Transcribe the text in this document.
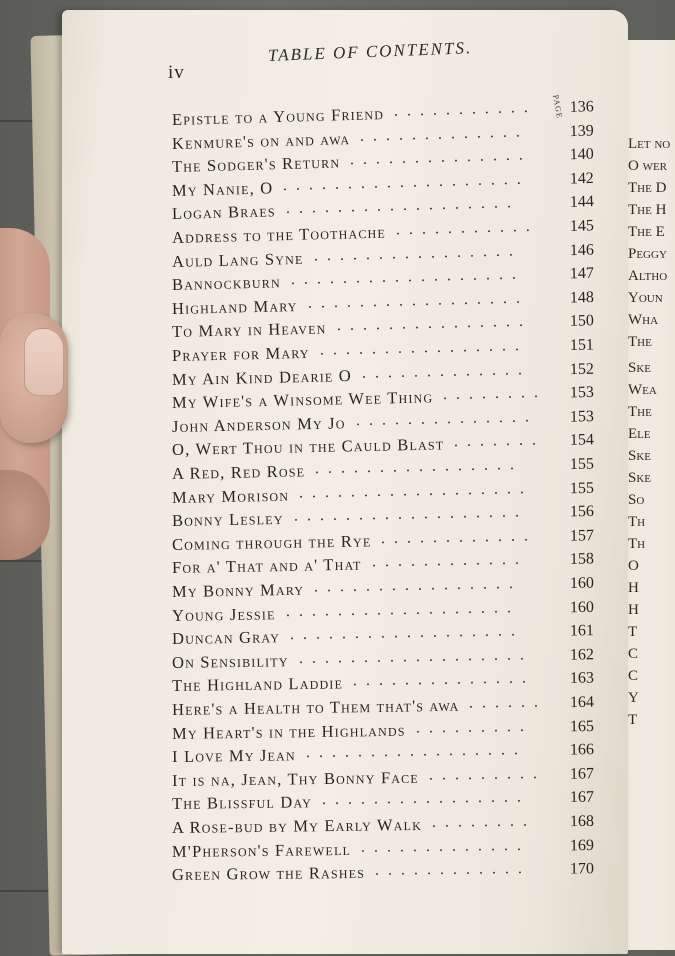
Let no
O wer
The D
The H
The E
Peggy
Altho
Youn
Wha
The
Ske
Wea
The
Ele
Ske
Ske
So
Th
Th
O
H
H
T
C
C
Y
T
iv
TABLE OF CONTENTS.
PAGE
Epistle to a Young Friend ........... 136
Kenmure's on and awa .............	139
The Sodger's Return .............. 140
My Nanie, O ................... 142
Logan Braes ..................	144
Address to the Toothache ........... 145
Auld Lang Syne ................	146
Bannockburn ..................	147
Highland Mary .................	148
To Mary in Heaven ............... 150
Prayer for Mary ................	151
My Ain Kind Dearie O ............. 152
My Wife's a Winsome Wee Thing ........ 153
John Anderson My Jo .............. 153
O, Wert Thou in the Cauld Blast ....... 154
A Red, Red Rose ................	155
Mary Morison .................. 155
Bonny Lesley ..................	156
Coming through the Rye ............ 157
For a' That and a' That ............	158
My Bonny Mary ................	160
Young Jessie ..................	160
Duncan Gray ..................	161
On Sensibility .................. 162
The Highland Laddie .............. 163
Here's a Health to Them that's awa ...... 164
My Heart's in the Highlands ......... 165
I Love My Jean .................	166
It is na, Jean, Thy Bonny Face ......... 167
The Blissful Day ................ 167
A Rose-bud by My Early Walk ........ 168
M'Pherson's Farewell ............. 169
Green Grow the Rashes ............ 170
